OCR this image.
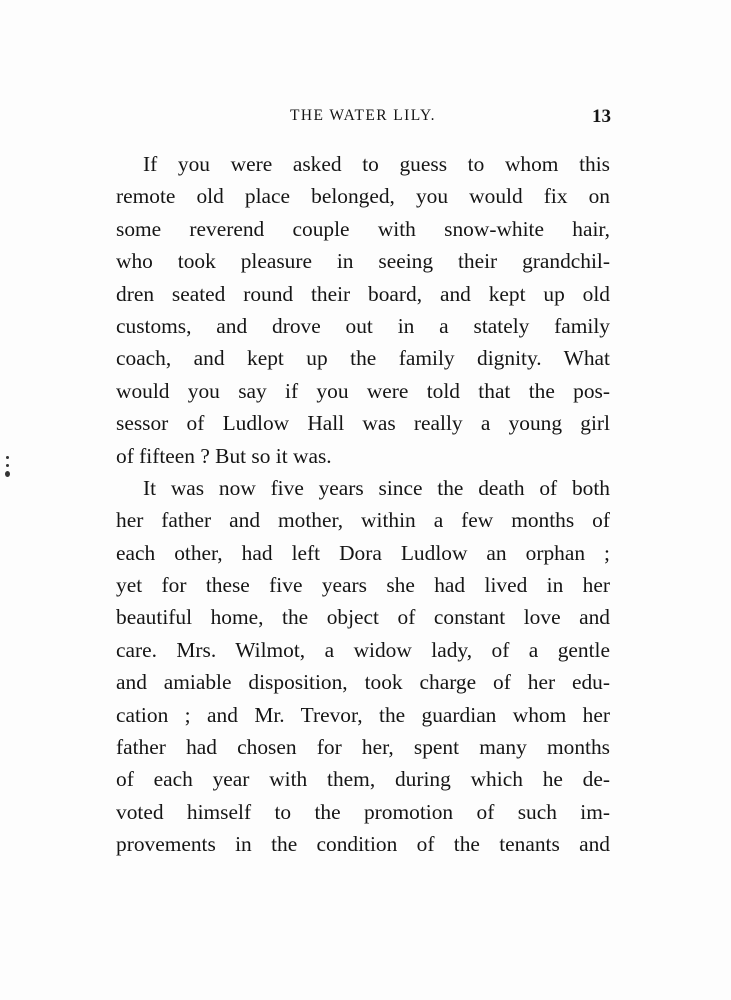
THE WATER LILY.	13
If you were asked to guess to whom this
remote old place belonged, you would fix on
some reverend couple with snow-white hair,
who took pleasure in seeing their grandchil-
dren seated round their board, and kept up old
customs, and drove out in a stately family
coach, and kept up the family dignity. What
would you say if you were told that the pos-
sessor of Ludlow Hall was really a young girl
of fifteen ? But so it was.
It was now five years since the death of both
her father and mother, within a few months of
each other, had left Dora Ludlow an orphan ;
yet for these five years she had lived in her
beautiful home, the object of constant love and
care. Mrs. Wilmot, a widow lady, of a gentle
and amiable disposition, took charge of her edu-
cation ; and Mr. Trevor, the guardian whom her
father had chosen for her, spent many months
of each year with them, during which he de-
voted himself to the promotion of such im-
provements in the condition of the tenants and
